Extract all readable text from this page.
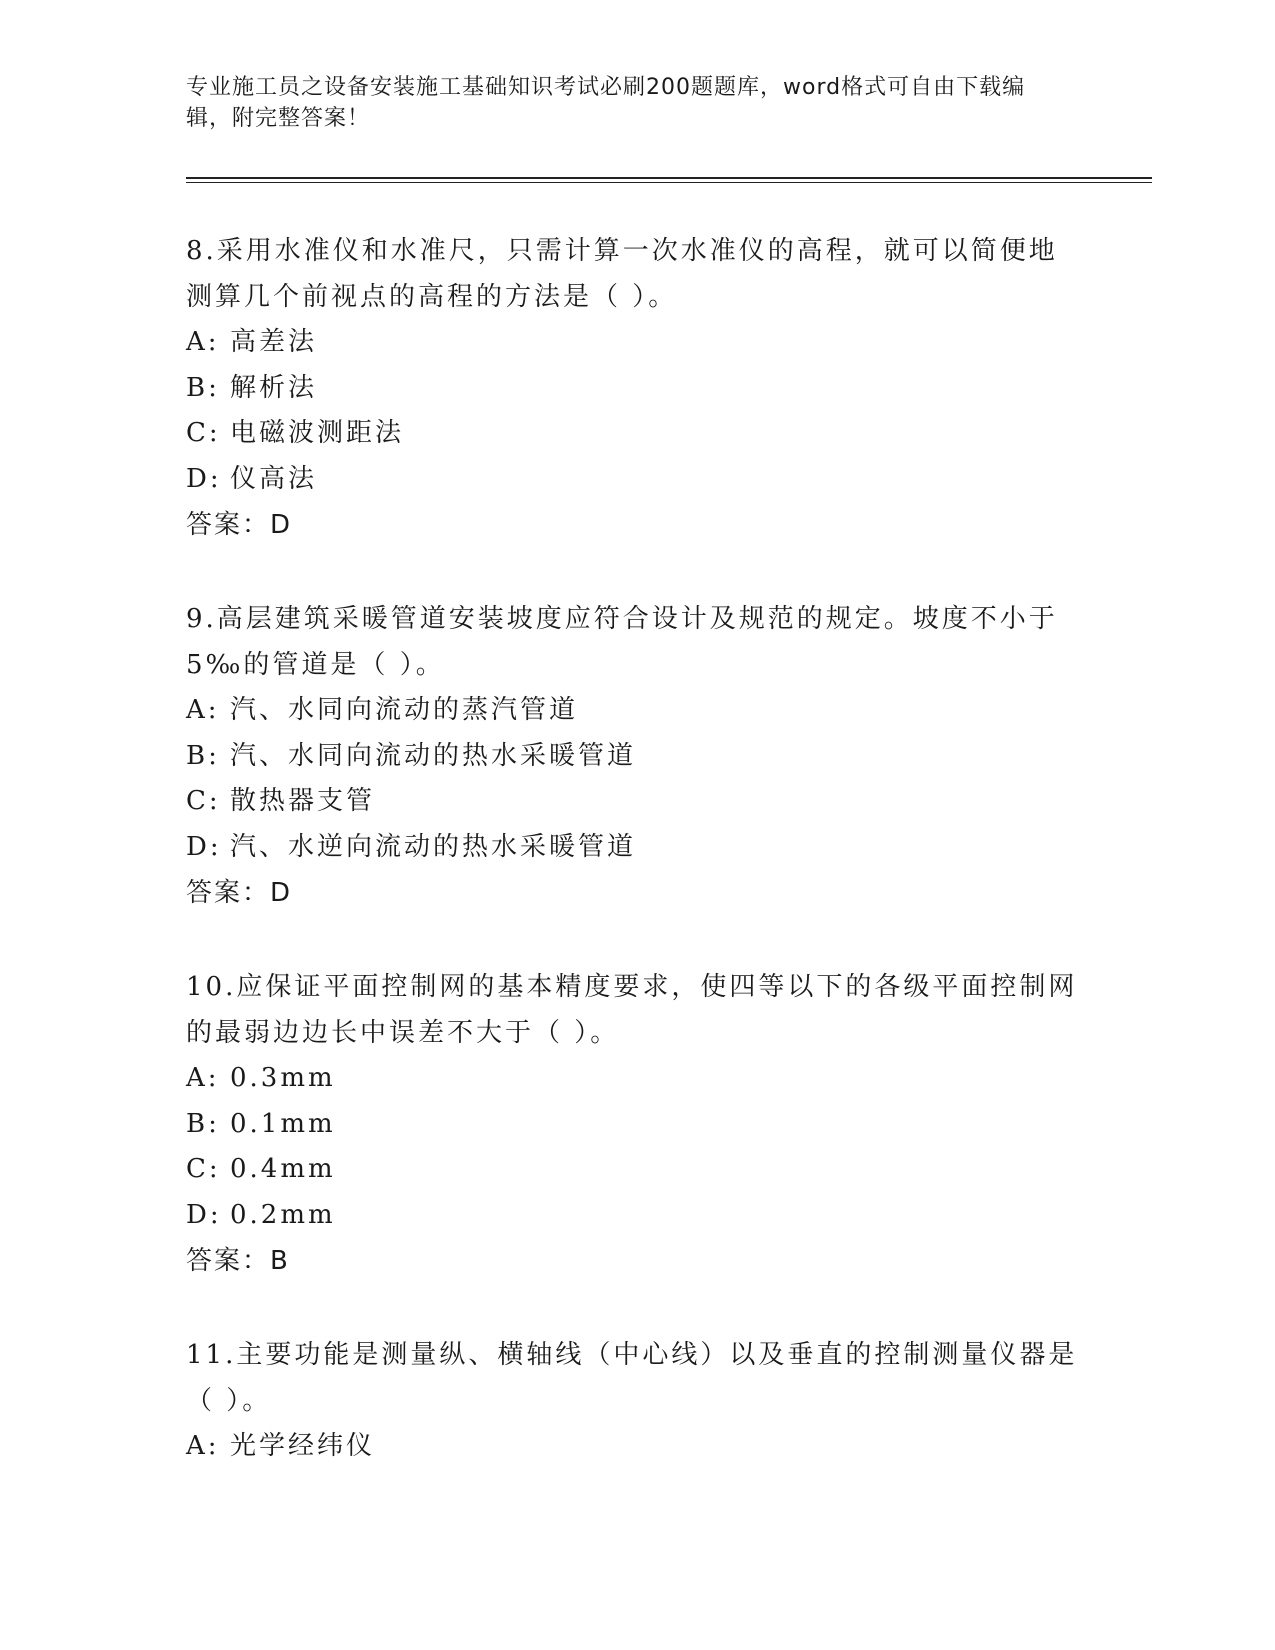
专业施工员之设备安装施工基础知识考试必刷200题题库，word格式可自由下载编辑，附完整答案！
8.采用水准仪和水准尺，只需计算一次水准仪的高程，就可以简便地测算几个前视点的高程的方法是（ ）。
A: 高差法
B: 解析法
C: 电磁波测距法
D: 仪高法
答案：D
9.高层建筑采暖管道安装坡度应符合设计及规范的规定。坡度不小于5‰的管道是（ ）。
A: 汽、水同向流动的蒸汽管道
B: 汽、水同向流动的热水采暖管道
C: 散热器支管
D: 汽、水逆向流动的热水采暖管道
答案：D
10.应保证平面控制网的基本精度要求，使四等以下的各级平面控制网的最弱边边长中误差不大于（ ）。
A: 0.3mm
B: 0.1mm
C: 0.4mm
D: 0.2mm
答案：B
11.主要功能是测量纵、横轴线（中心线）以及垂直的控制测量仪器是（ ）。
A: 光学经纬仪
